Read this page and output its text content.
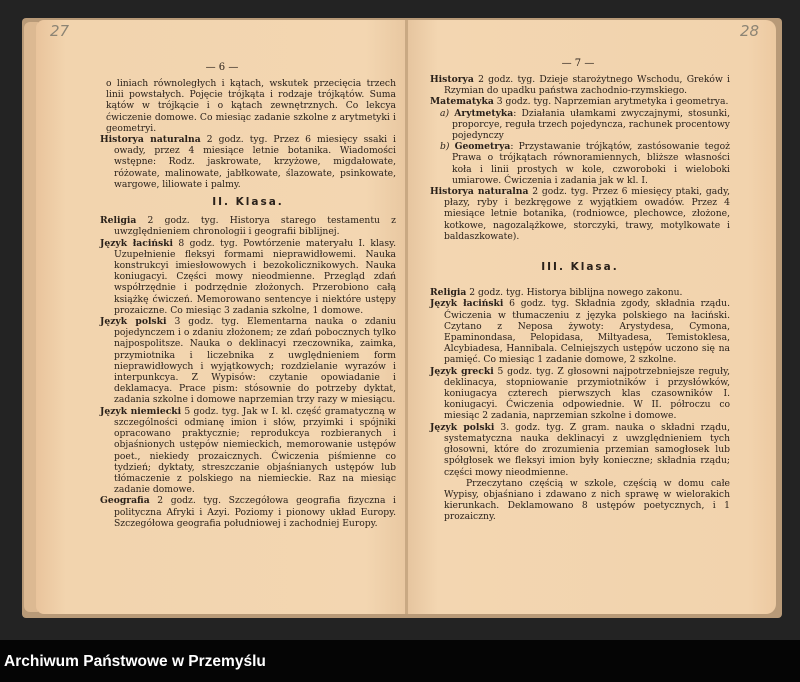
27
— 6 —
o liniach równoległych i kątach, wskutek przecięcia trzech linii powstałych. Pojęcie trójkąta i rodzaje trójkątów. Suma kątów w trójkącie i o kątach zewnętrznych. Co lekcya ćwiczenie domowe. Co miesiąc zadanie szkolne z arytmetyki i geometryi.
Historya naturalna 2 godz. tyg. Przez 6 miesięcy ssaki i owady, przez 4 miesiące letnie botanika. Wiadomości wstępne: Rodz. jaskrowate, krzyżowe, migdałowate, różowate, malinowate, jabłkowate, ślazowate, psinkowate, wargowe, liliowate i palmy.
II. Klasa.
Religia 2 godz. tyg. Historya starego testamentu z uwzględnieniem chronologii i geografii biblijnej.
Język łaciński 8 godz. tyg. Powtórzenie materyału I. klasy. Uzupełnienie fleksyi formami nieprawidłowemi. Nauka konstrukcyi imiesłowowych i bezokolicznikowych. Nauka koniugacyi. Części mowy nieodmienne. Przegląd zdań współrzędnie i podrzędnie złożonych. Przerobiono całą książkę ćwiczeń. Memorowano sentencye i niektóre ustępy prozaiczne. Co miesiąc 3 zadania szkolne, 1 domowe.
Język polski 3 godz. tyg. Elementarna nauka o zdaniu pojedynczem i o zdaniu złożonem; ze zdań pobocznych tylko najpospolitsze. Nauka o deklinacyi rzeczownika, zaimka, przymiotnika i liczebnika z uwględnieniem form nieprawidłowych i wyjątkowych; rozdzielanie wyrazów i interpunkcya. Z Wypisów: czytanie opowiadanie i deklamacya. Prace pism: stósownie do potrzeby dyktat, zadania szkolne i domowe naprzemian trzy razy w miesiącu.
Język niemiecki 5 godz. tyg. Jak w I. kl. część gramatyczną w szczególności odmianę imion i słów, przyimki i spójniki opracowano praktycznie; reprodukcya rozbieranych i objaśnionych ustępów niemieckich, memorowanie ustępów poet., niekiedy prozaicznych. Ćwiczenia piśmienne co tydzień; dyktaty, streszczanie objaśnianych ustępów lub tłómaczenie z polskiego na niemieckie. Raz na miesiąc zadanie domowe.
Geografia 2 godz. tyg. Szczegółowa geografia fizyczna i polityczna Afryki i Azyi. Poziomy i pionowy układ Europy. Szczegółowa geografia południowej i zachodniej Europy.
28
— 7 —
Historya 2 godz. tyg. Dzieje starożytnego Wschodu, Greków i Rzymian do upadku państwa zachodnio-rzymskiego.
Matematyka 3 godz. tyg. Naprzemian arytmetyka i geometrya.
a) Arytmetyka: Działania ułamkami zwyczajnymi, stosunki, proporcye, reguła trzech pojedyncza, rachunek procentowy pojedynczy
b) Geometrya: Przystawanie trójkątów, zastósowanie tegoż Prawa o trójkątach równoramiennych, bliższe własności koła i linii prostych w kole, czworoboki i wieloboki umiarowe. Ćwiczenia i zadania jak w kl. I.
Historya naturalna 2 godz. tyg. Przez 6 miesięcy ptaki, gady, płazy, ryby i bezkręgowe z wyjątkiem owadów. Przez 4 miesiące letnie botanika, (rodniowce, plechowce, złożone, kotkowe, nagozalążkowe, storczyki, trawy, motylkowate i baldaszkowate).
III. Klasa.
Religia 2 godz. tyg. Historya biblijna nowego zakonu.
Język łaciński 6 godz. tyg. Składnia zgody, składnia rządu. Ćwiczenia w tłumaczeniu z języka polskiego na łaciński. Czytano z Neposa żywoty: Arystydesa, Cymona, Epaminondasa, Pelopidasa, Miltyadesa, Temistoklesa, Alcybiadesa, Hannibala. Celniejszych ustępów uczono się na pamięć. Co miesiąc 1 zadanie domowe, 2 szkolne.
Język grecki 5 godz. tyg. Z głosowni najpotrzebniejsze reguły, deklinacya, stopniowanie przymiotników i przysłówków, koniugacya czterech pierwszych klas czasowników I. koniugacyi. Ćwiczenia odpowiednie. W II. półroczu co miesiąc 2 zadania, naprzemian szkolne i domowe.
Język polski 3. godz. tyg. Z gram. nauka o składni rządu, systematyczna nauka deklinacyi z uwzględnieniem tych głosowni, które do zrozumienia przemian samogłosek lub spółgłosek we fleksyi imion były konieczne; składnia rządu; części mowy nieodmienne.
Przeczytano częścią w szkole, częścią w domu całe Wypisy, objaśniano i zdawano z nich sprawę w wielorakich kierunkach. Deklamowano 8 ustępów poetycznych, i 1 prozaiczny.
Archiwum Państwowe w Przemyślu
